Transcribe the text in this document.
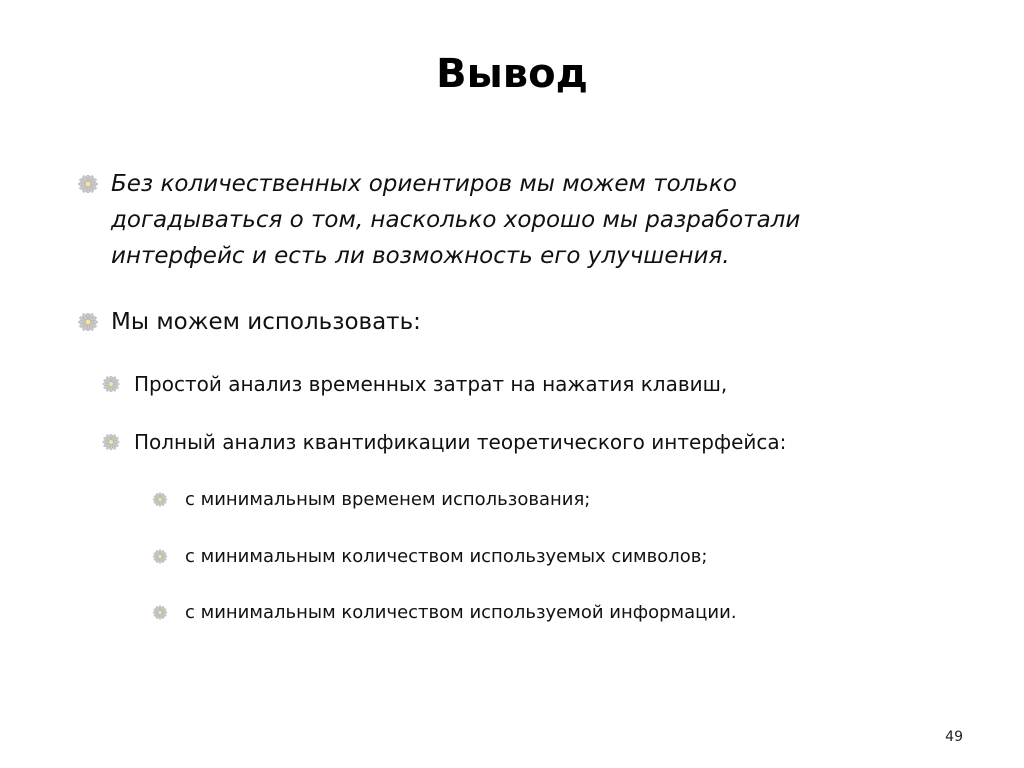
Вывод
Без количественных ориентиров мы можем только
догадываться о том, насколько хорошо мы разработали
интерфейс и есть ли возможность его улучшения.
Мы можем использовать:
Простой анализ временных затрат на нажатия клавиш,
Полный анализ квантификации теоретического интерфейса:
с минимальным временем использования;
с минимальным количеством используемых символов;
с минимальным количеством используемой информации.
49
